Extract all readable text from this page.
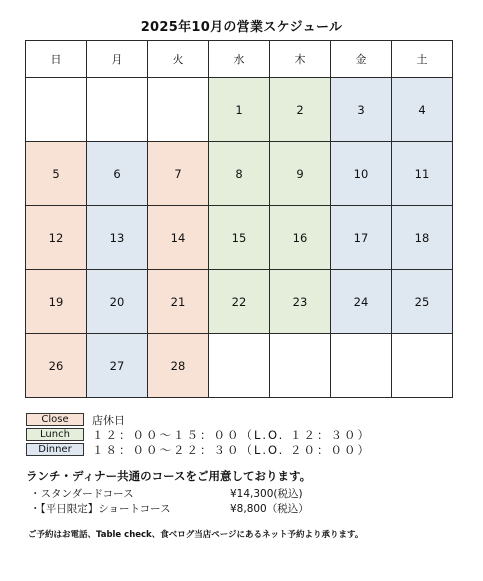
2025年10月の営業スケジュール
日	月	火	水	木	金	土
			1	2	3	4
5	6	7	8	9	10	11
12	13	14	15	16	17	18
19	20	21	22	23	24	25
26	27	28				
Close	店休日
Lunch	１２：００〜１５：００（L.O. １２：３０）
Dinner	１８：００〜２２：３０（L.O. ２０：００）
ランチ・ディナー共通のコースをご用意しております。
・スタンダードコース	¥14,300(税込)
・【平日限定】ショートコース	¥8,800（税込）
ご予約はお電話、Table check、食べログ当店ページにあるネット予約より承ります。
